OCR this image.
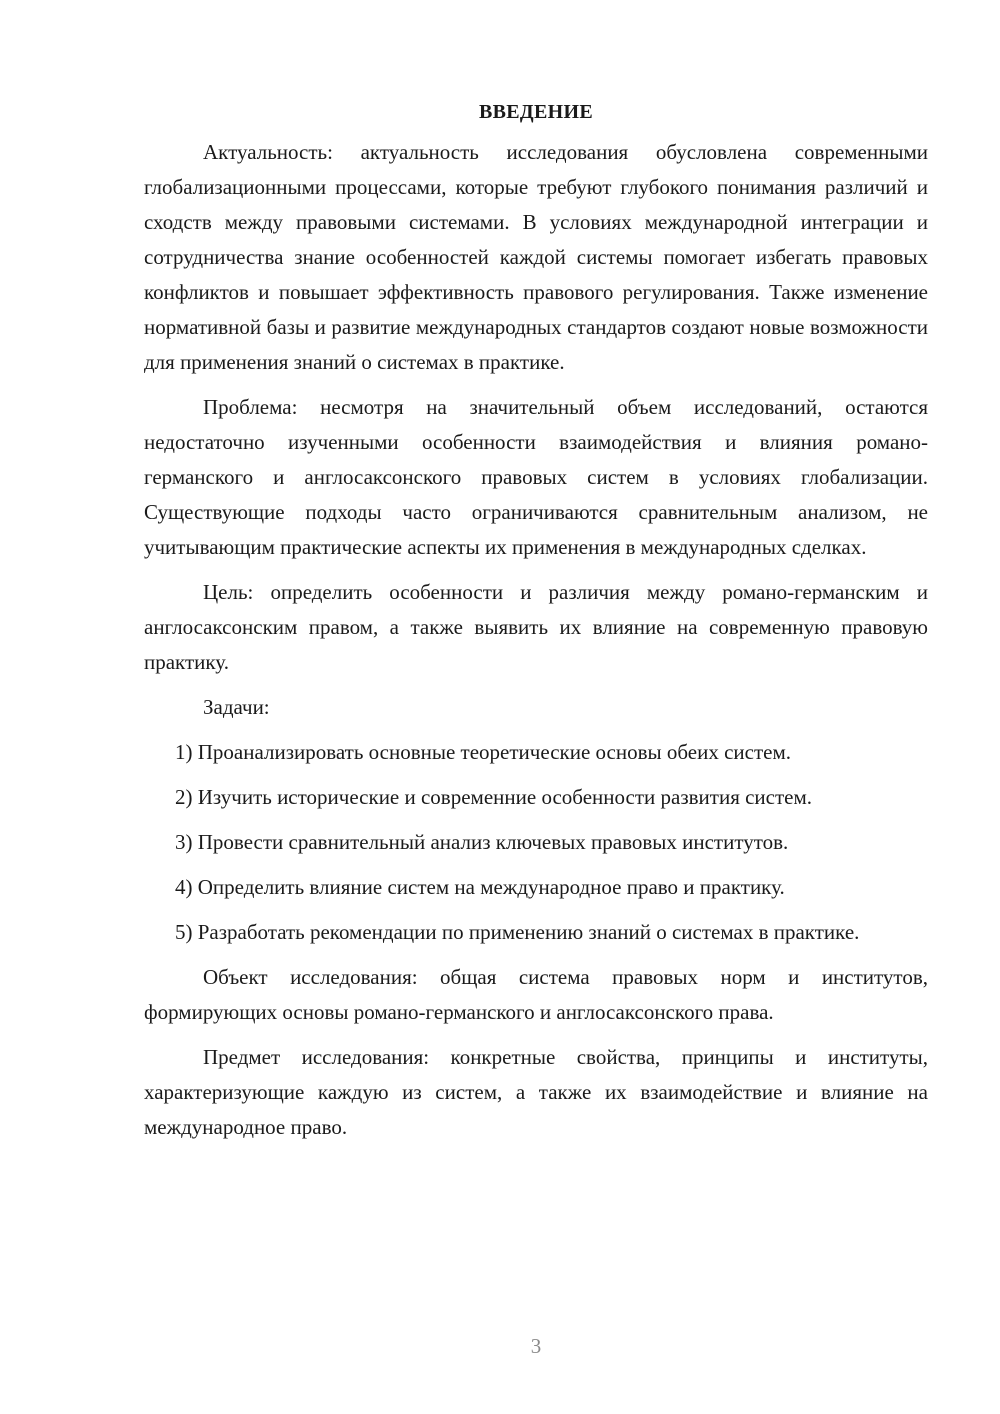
ВВЕДЕНИЕ

Актуальность: актуальность исследования обусловлена современными глобализационными процессами, которые требуют глубокого понимания различий и сходств между правовыми системами. В условиях международной интеграции и сотрудничества знание особенностей каждой системы помогает избегать правовых конфликтов и повышает эффективность правового регулирования. Также изменение нормативной базы и развитие международных стандартов создают новые возможности для применения знаний о системах в практике.

Проблема: несмотря на значительный объем исследований, остаются недостаточно изученными особенности взаимодействия и влияния романо-германского и англосаксонского правовых систем в условиях глобализации. Существующие подходы часто ограничиваются сравнительным анализом, не учитывающим практические аспекты их применения в международных сделках.

Цель: определить особенности и различия между романо-германским и англосаксонским правом, а также выявить их влияние на современную правовую практику.

Задачи:

1) Проанализировать основные теоретические основы обеих систем.

2) Изучить исторические и современние особенности развития систем.

3) Провести сравнительный анализ ключевых правовых институтов.

4) Определить влияние систем на международное право и практику.

5) Разработать рекомендации по применению знаний о системах в практике.

Объект исследования: общая система правовых норм и институтов, формирующих основы романо-германского и англосаксонского права.

Предмет исследования: конкретные свойства, принципы и институты, характеризующие каждую из систем, а также их взаимодействие и влияние на международное право.

3
